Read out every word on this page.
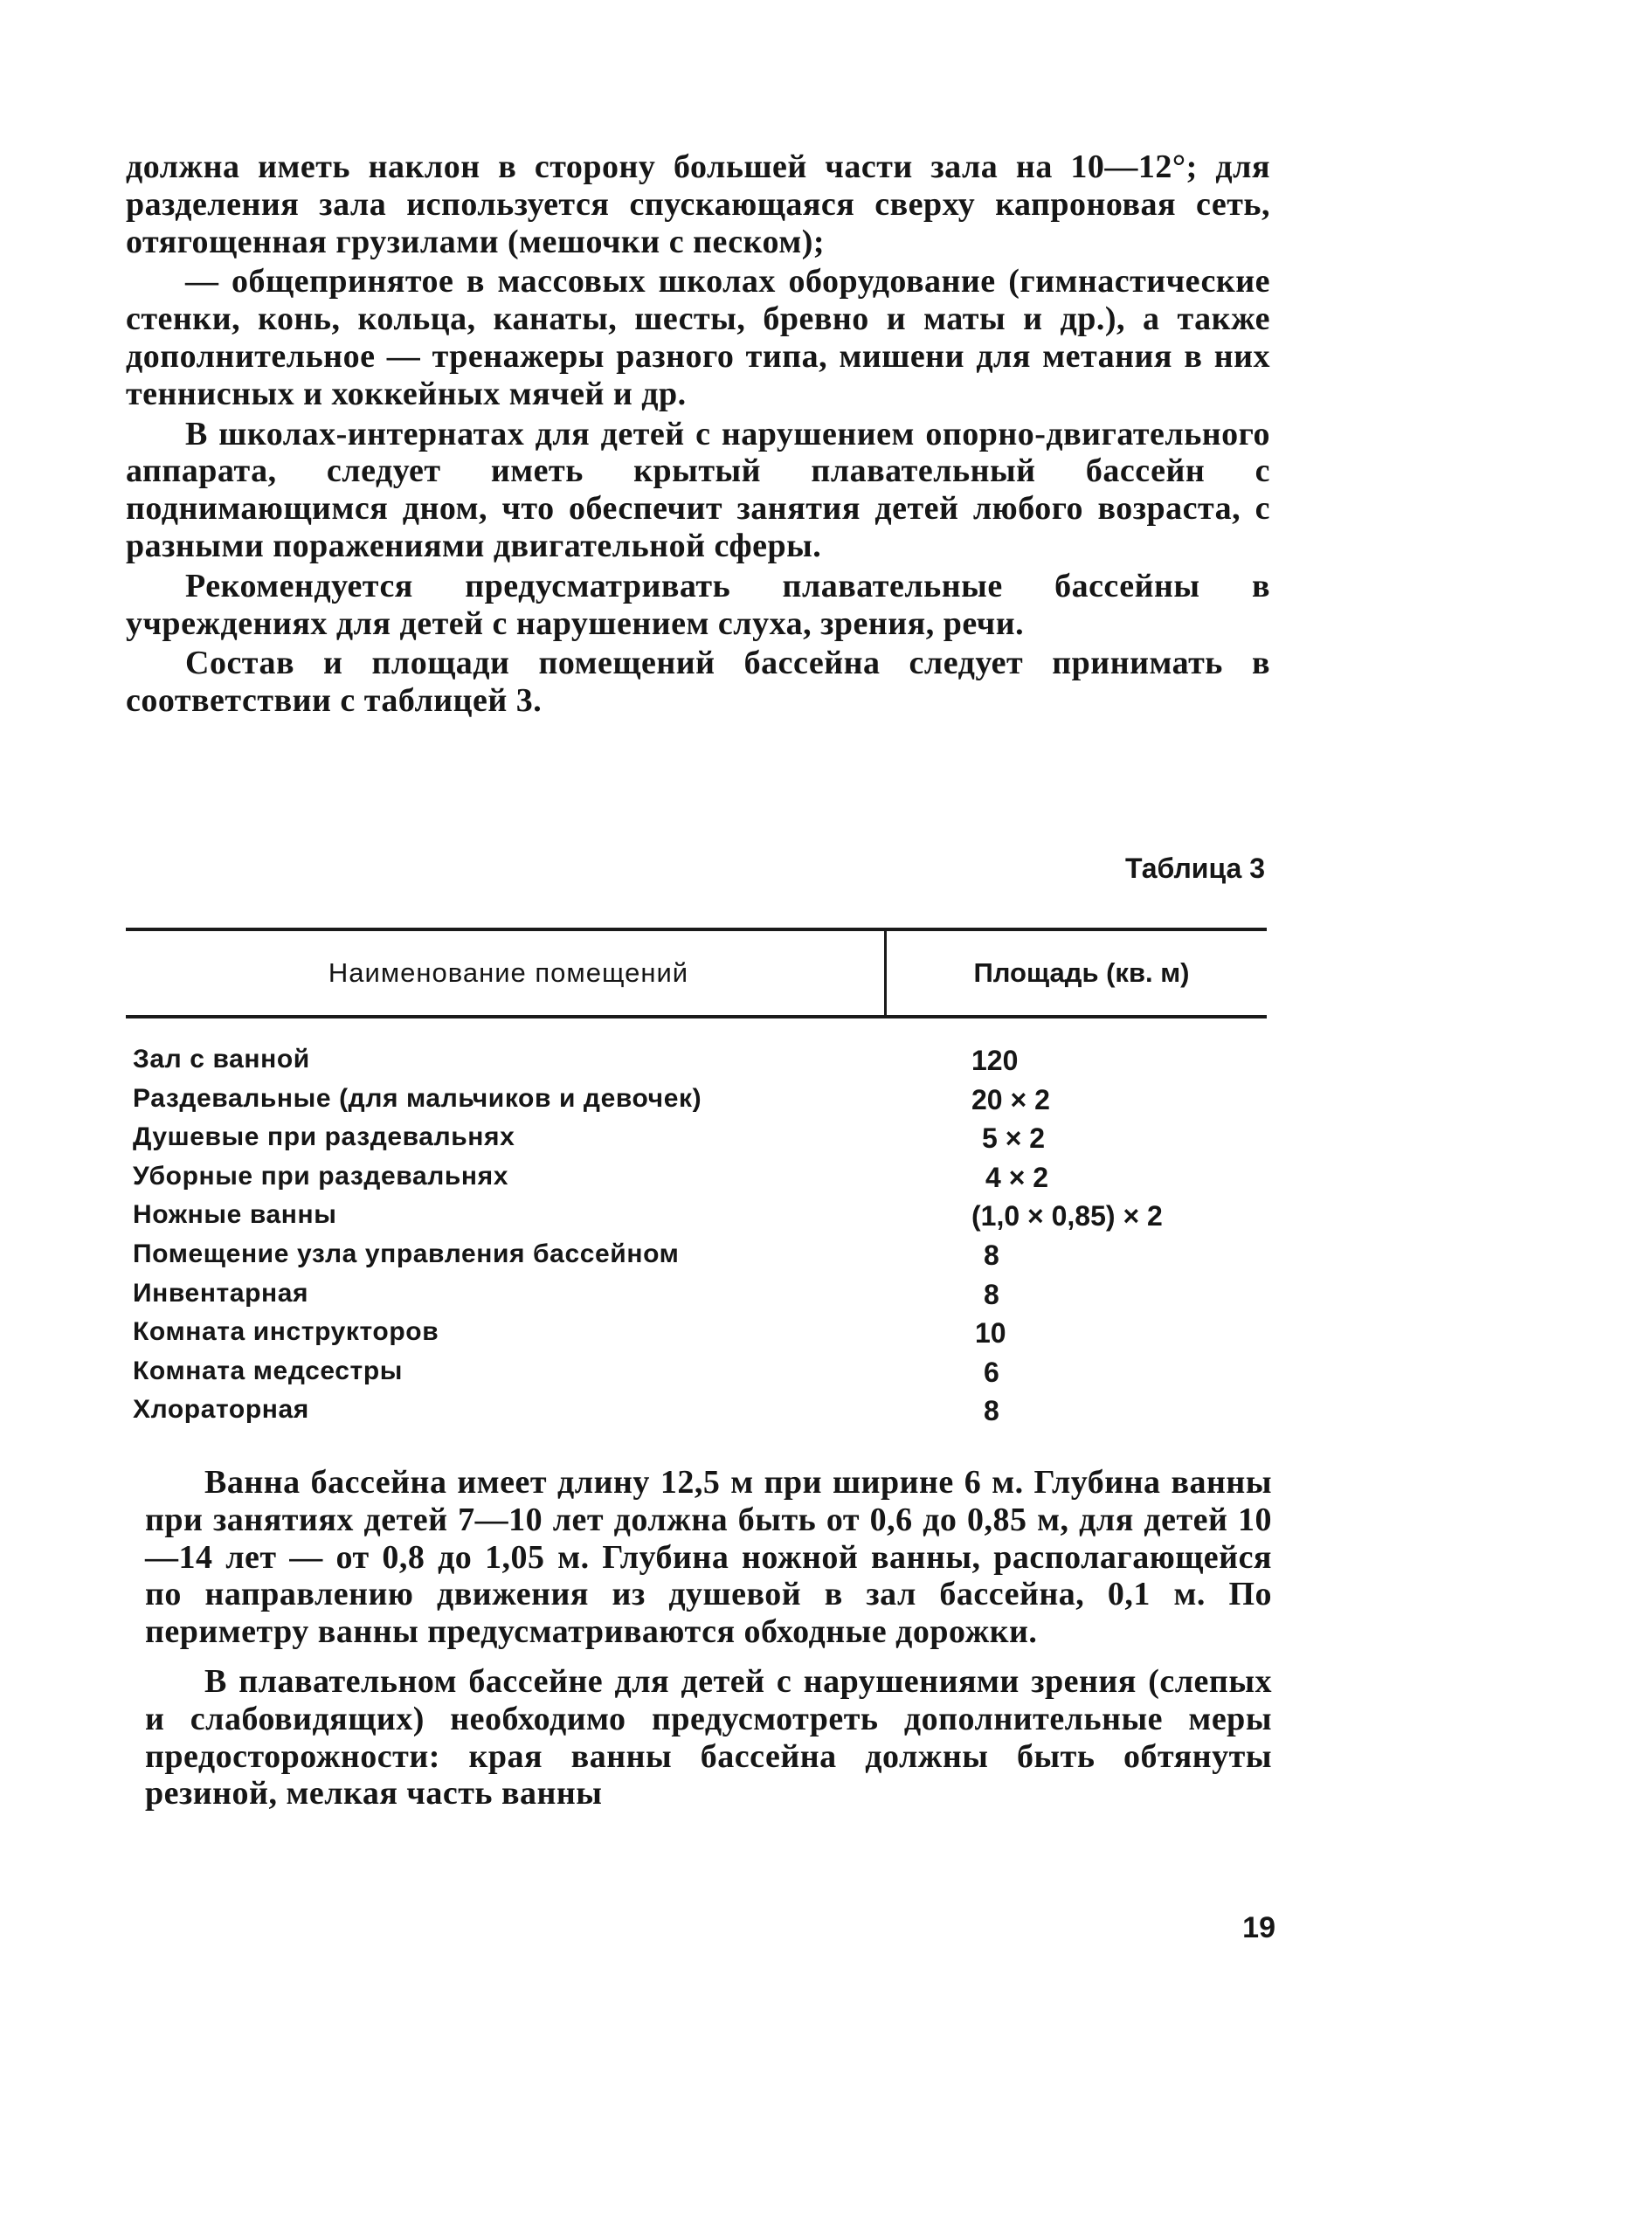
должна иметь наклон в сторону большей части зала на 10—12°; для разделения зала используется спускающаяся сверху капроновая сеть, отягощенная грузилами (мешочки с песком);

— общепринятое в массовых школах оборудование (гимнастические стенки, конь, кольца, канаты, шесты, бревно и маты и др.), а также дополнительное — тренажеры разного типа, мишени для метания в них теннисных и хоккейных мячей и др.

В школах-интернатах для детей с нарушением опорно-двигательного аппарата, следует иметь крытый плавательный бассейн с поднимающимся дном, что обеспечит занятия детей любого возраста, с разными поражениями двигательной сферы.

Рекомендуется предусматривать плавательные бассейны в учреждениях для детей с нарушением слуха, зрения, речи.

Состав и площади помещений бассейна следует принимать в соответствии с таблицей 3.

Таблица 3
Наименование помещений	Площадь (кв. м)
Зал с ванной	120
Раздевальные (для мальчиков и девочек)	20 × 2
Душевые при раздевальнях	5 × 2
Уборные при раздевальнях	4 × 2
Ножные ванны	(1,0 × 0,85) × 2
Помещение узла управления бассейном	8
Инвентарная	8
Комната инструкторов	10
Комната медсестры	6
Хлораторная	8

Ванна бассейна имеет длину 12,5 м при ширине 6 м. Глубина ванны при занятиях детей 7—10 лет должна быть от 0,6 до 0,85 м, для детей 10—14 лет — от 0,8 до 1,05 м. Глубина ножной ванны, располагающейся по направлению движения из душевой в зал бассейна, 0,1 м. По периметру ванны предусматриваются обходные дорожки.

В плавательном бассейне для детей с нарушениями зрения (слепых и слабовидящих) необходимо предусмотреть дополнительные меры предосторожности: края ванны бассейна должны быть обтянуты резиной, мелкая часть ванны

19
